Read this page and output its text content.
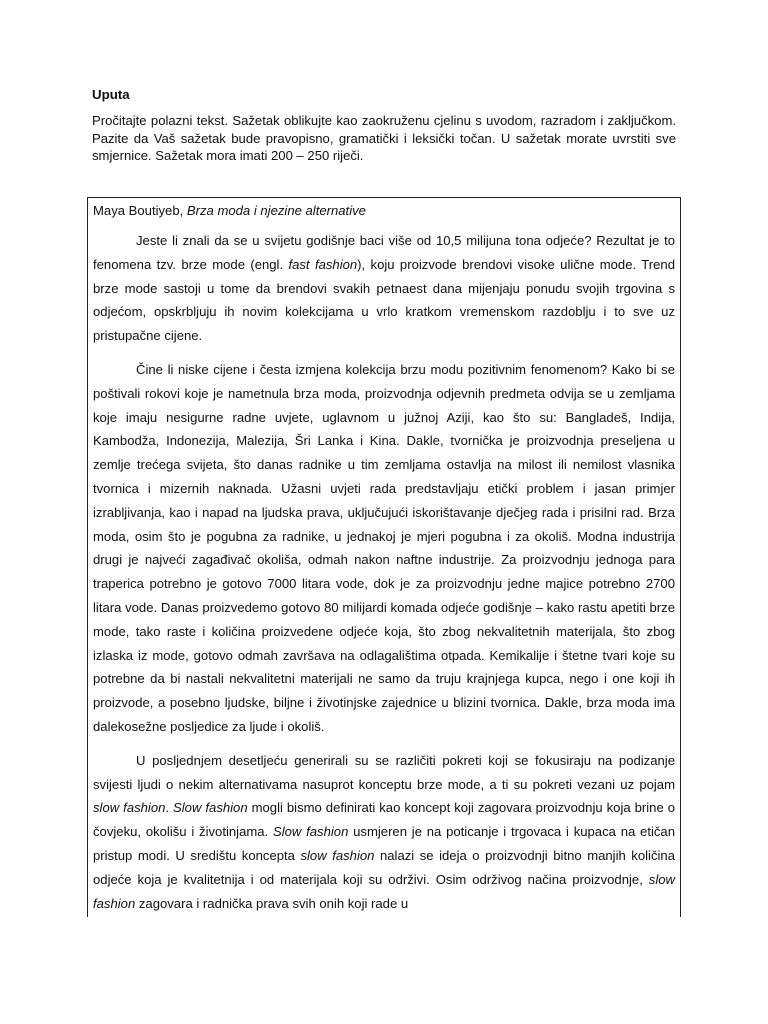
Uputa

Pročitajte polazni tekst. Sažetak oblikujte kao zaokruženu cjelinu s uvodom, razradom i zaključkom. Pazite da Vaš sažetak bude pravopisno, gramatički i leksički točan. U sažetak morate uvrstiti sve smjernice. Sažetak mora imati 200 – 250 riječi.

Maya Boutiyeb, Brza moda i njezine alternative

Jeste li znali da se u svijetu godišnje baci više od 10,5 milijuna tona odjeće? Rezultat je to fenomena tzv. brze mode (engl. fast fashion), koju proizvode brendovi visoke ulične mode. Trend brze mode sastoji u tome da brendovi svakih petnaest dana mijenjaju ponudu svojih trgovina s odjećom, opskrbljuju ih novim kolekcijama u vrlo kratkom vremenskom razdoblju i to sve uz pristupačne cijene.

Čine li niske cijene i česta izmjena kolekcija brzu modu pozitivnim fenomenom? Kako bi se poštivali rokovi koje je nametnula brza moda, proizvodnja odjevnih predmeta odvija se u zemljama koje imaju nesigurne radne uvjete, uglavnom u južnoj Aziji, kao što su: Bangladeš, Indija, Kambodža, Indonezija, Malezija, Šri Lanka i Kina. Dakle, tvornička je proizvodnja preseljena u zemlje trećega svijeta, što danas radnike u tim zemljama ostavlja na milost ili nemilost vlasnika tvornica i mizernih naknada. Užasni uvjeti rada predstavljaju etički problem i jasan primjer izrabljivanja, kao i napad na ljudska prava, uključujući iskorištavanje dječjeg rada i prisilni rad. Brza moda, osim što je pogubna za radnike, u jednakoj je mjeri pogubna i za okoliš. Modna industrija drugi je najveći zagađivač okoliša, odmah nakon naftne industrije. Za proizvodnju jednoga para traperica potrebno je gotovo 7000 litara vode, dok je za proizvodnju jedne majice potrebno 2700 litara vode. Danas proizvedemo gotovo 80 milijardi komada odjeće godišnje – kako rastu apetiti brze mode, tako raste i količina proizvedene odjeće koja, što zbog nekvalitetnih materijala, što zbog izlaska iz mode, gotovo odmah završava na odlagalištima otpada. Kemikalije i štetne tvari koje su potrebne da bi nastali nekvalitetni materijali ne samo da truju krajnjega kupca, nego i one koji ih proizvode, a posebno ljudske, biljne i životinjske zajednice u blizini tvornica. Dakle, brza moda ima dalekosežne posljedice za ljude i okoliš.

U posljednjem desetljeću generirali su se različiti pokreti koji se fokusiraju na podizanje svijesti ljudi o nekim alternativama nasuprot konceptu brze mode, a ti su pokreti vezani uz pojam slow fashion. Slow fashion mogli bismo definirati kao koncept koji zagovara proizvodnju koja brine o čovjeku, okolišu i životinjama. Slow fashion usmjeren je na poticanje i trgovaca i kupaca na etičan pristup modi. U središtu koncepta slow fashion nalazi se ideja o proizvodnji bitno manjih količina odjeće koja je kvalitetnija i od materijala koji su održivi. Osim održivog načina proizvodnje, slow fashion zagovara i radnička prava svih onih koji rade u
